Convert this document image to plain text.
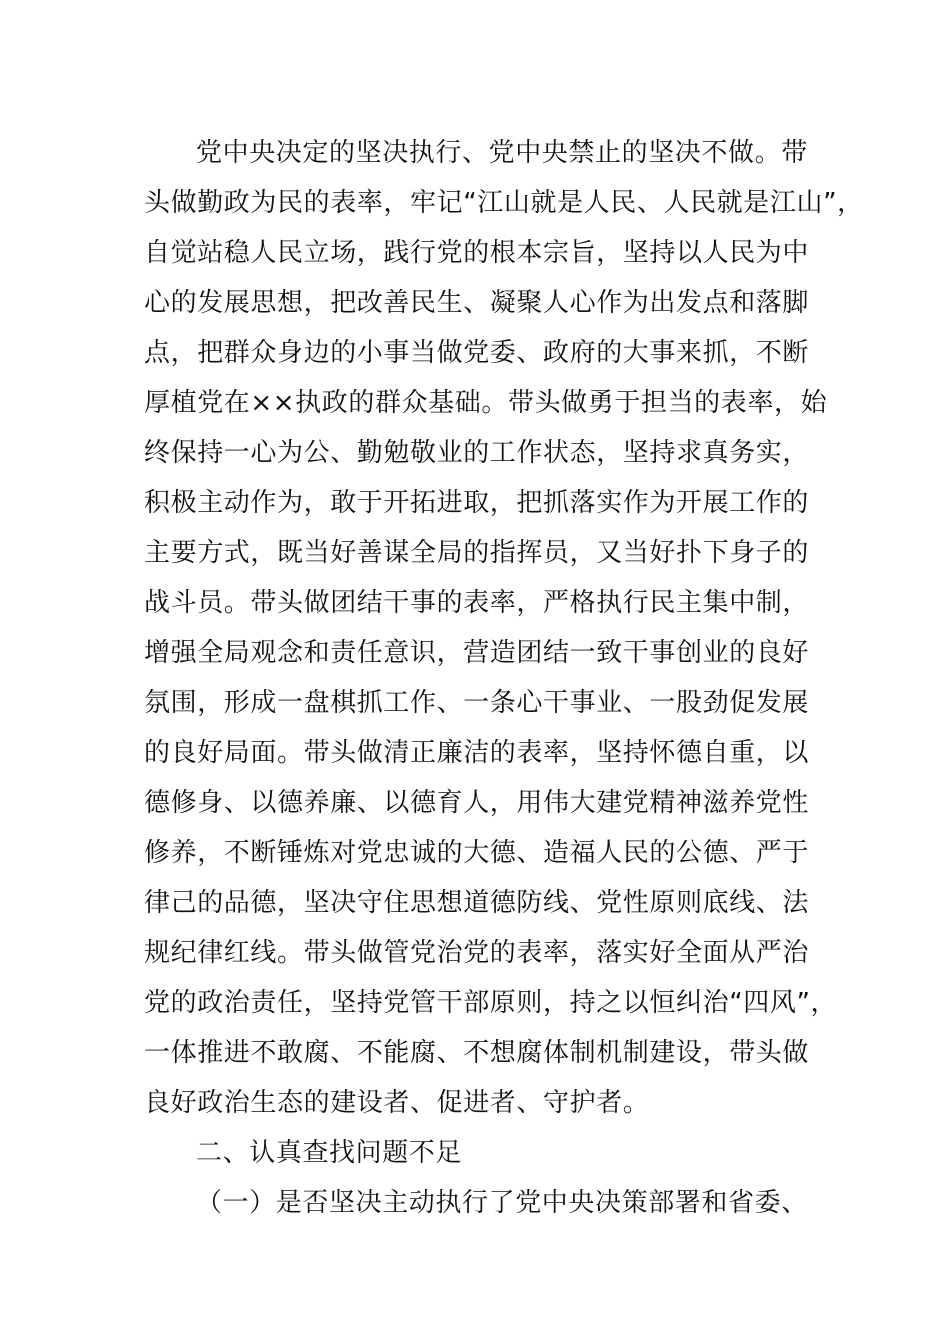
党中央决定的坚决执行、党中央禁止的坚决不做。带
头做勤政为民的表率，牢记“江山就是人民、人民就是江山”，
自觉站稳人民立场，践行党的根本宗旨，坚持以人民为中
心的发展思想，把改善民生、凝聚人心作为出发点和落脚
点，把群众身边的小事当做党委、政府的大事来抓，不断
厚植党在××执政的群众基础。带头做勇于担当的表率，始
终保持一心为公、勤勉敬业的工作状态，坚持求真务实，
积极主动作为，敢于开拓进取，把抓落实作为开展工作的
主要方式，既当好善谋全局的指挥员，又当好扑下身子的
战斗员。带头做团结干事的表率，严格执行民主集中制，
增强全局观念和责任意识，营造团结一致干事创业的良好
氛围，形成一盘棋抓工作、一条心干事业、一股劲促发展
的良好局面。带头做清正廉洁的表率，坚持怀德自重，以
德修身、以德养廉、以德育人，用伟大建党精神滋养党性
修养，不断锤炼对党忠诚的大德、造福人民的公德、严于
律己的品德，坚决守住思想道德防线、党性原则底线、法
规纪律红线。带头做管党治党的表率，落实好全面从严治
党的政治责任，坚持党管干部原则，持之以恒纠治“四风”，
一体推进不敢腐、不能腐、不想腐体制机制建设，带头做
良好政治生态的建设者、促进者、守护者。
二、认真查找问题不足
（一）是否坚决主动执行了党中央决策部署和省委、
